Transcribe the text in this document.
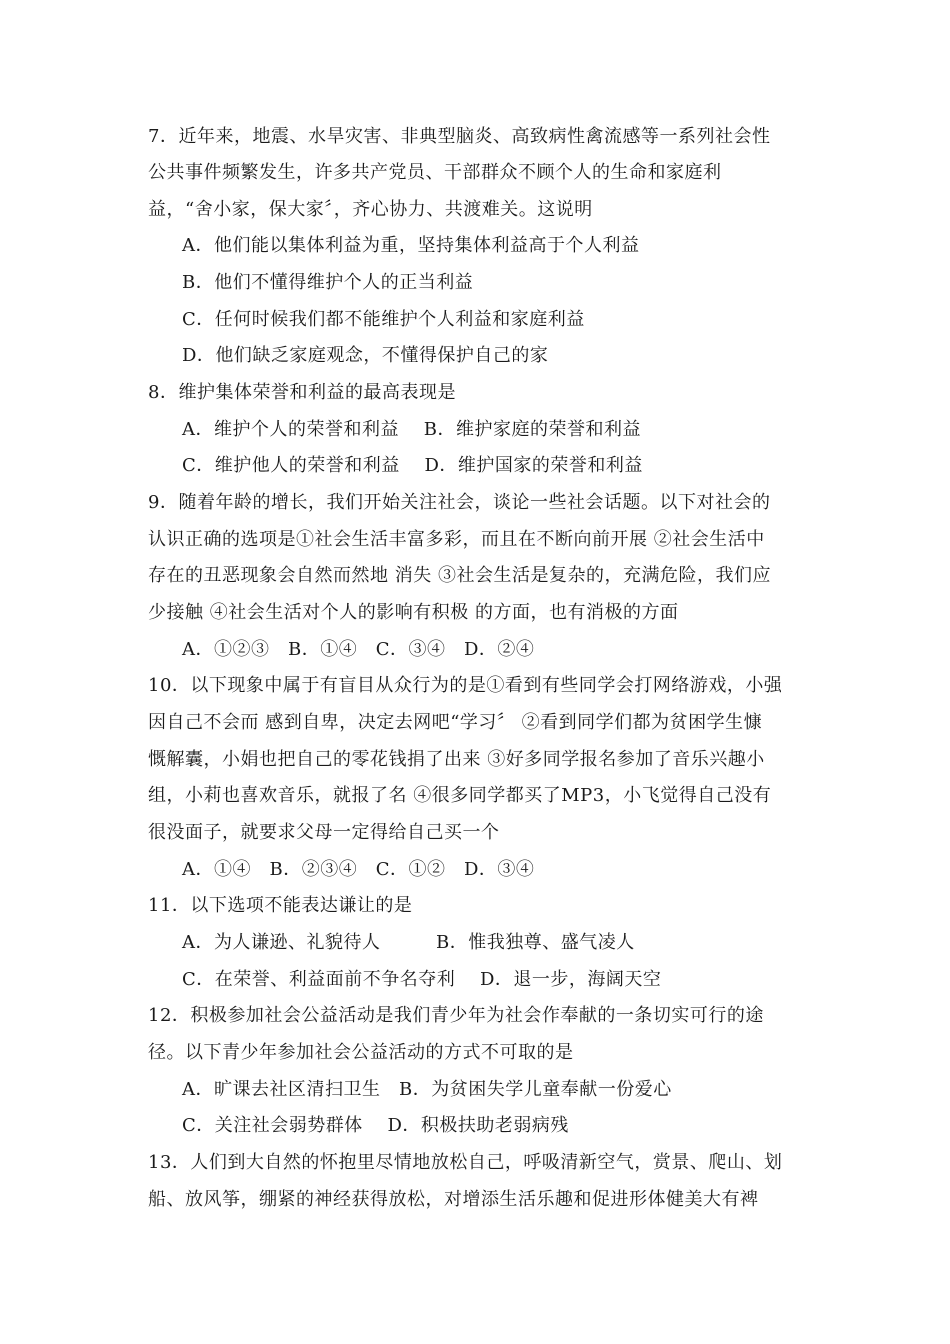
7．近年来，地震、水旱灾害、非典型脑炎、高致病性禽流感等一系列社会性
公共事件频繁发生，许多共产党员、干部群众不顾个人的生命和家庭利
益，“舍小家，保大家〞，齐心协力、共渡难关。这说明
A．他们能以集体利益为重，坚持集体利益高于个人利益
B．他们不懂得维护个人的正当利益
C．任何时候我们都不能维护个人利益和家庭利益
D．他们缺乏家庭观念，不懂得保护自己的家
8．维护集体荣誉和利益的最高表现是
A．维护个人的荣誉和利益　 B．维护家庭的荣誉和利益
C．维护他人的荣誉和利益　 D．维护国家的荣誉和利益
9．随着年龄的增长，我们开始关注社会，谈论一些社会话题。以下对社会的
认识正确的选项是①社会生活丰富多彩，而且在不断向前开展 ②社会生活中
存在的丑恶现象会自然而然地 消失 ③社会生活是复杂的，充满危险，我们应
少接触 ④社会生活对个人的影响有积极 的方面，也有消极的方面
A．①②③　B．①④　C．③④　D．②④
10．以下现象中属于有盲目从众行为的是①看到有些同学会打网络游戏，小强
因自己不会而 感到自卑，决定去网吧“学习〞 ②看到同学们都为贫困学生慷
慨解囊，小娟也把自己的零花钱捐了出来 ③好多同学报名参加了音乐兴趣小
组，小莉也喜欢音乐，就报了名 ④很多同学都买了MP3，小飞觉得自己没有
很没面子，就要求父母一定得给自己买一个
A．①④　B．②③④　C．①②　D．③④
11．以下选项不能表达谦让的是
A．为人谦逊、礼貌待人　　　B．惟我独尊、盛气凌人
C．在荣誉、利益面前不争名夺利　 D．退一步，海阔天空
12．积极参加社会公益活动是我们青少年为社会作奉献的一条切实可行的途
径。以下青少年参加社会公益活动的方式不可取的是
A．旷课去社区清扫卫生　B．为贫困失学儿童奉献一份爱心
C．关注社会弱势群体　 D．积极扶助老弱病残
13．人们到大自然的怀抱里尽情地放松自己，呼吸清新空气，赏景、爬山、划
船、放风筝，绷紧的神经获得放松，对增添生活乐趣和促进形体健美大有裨
